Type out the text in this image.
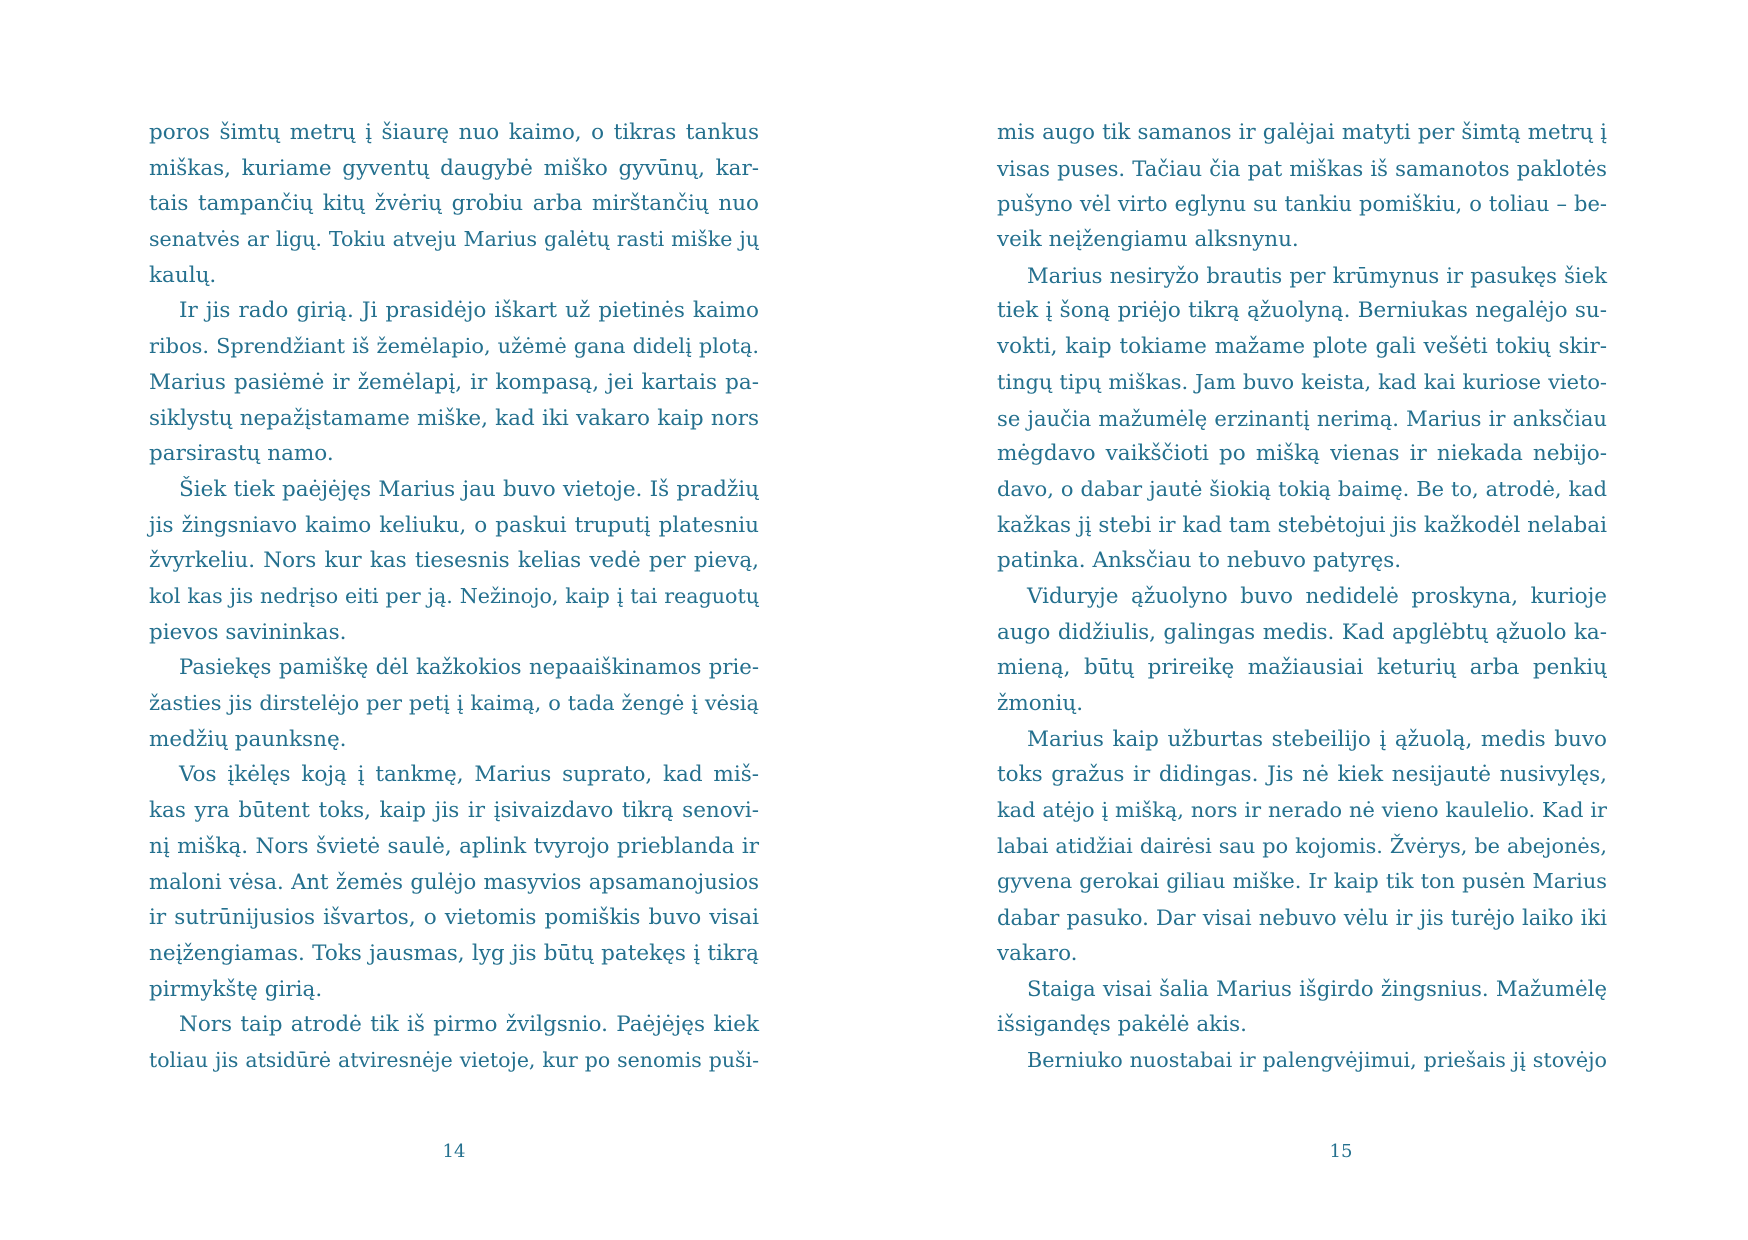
poros šimtų metrų į šiaurę nuo kaimo, o tikras tankus
miškas, kuriame gyventų daugybė miško gyvūnų, kar-
tais tampančių kitų žvėrių grobiu arba mirštančių nuo
senatvės ar ligų. Tokiu atveju Marius galėtų rasti miške jų
kaulų.
Ir jis rado girią. Ji prasidėjo iškart už pietinės kaimo
ribos. Sprendžiant iš žemėlapio, užėmė gana didelį plotą.
Marius pasiėmė ir žemėlapį, ir kompasą, jei kartais pa-
siklystų nepažįstamame miške, kad iki vakaro kaip nors
parsirastų namo.
Šiek tiek paėjėjęs Marius jau buvo vietoje. Iš pradžių
jis žingsniavo kaimo keliuku, o paskui truputį platesniu
žvyrkeliu. Nors kur kas tiesesnis kelias vedė per pievą,
kol kas jis nedrįso eiti per ją. Nežinojo, kaip į tai reaguotų
pievos savininkas.
Pasiekęs pamiškę dėl kažkokios nepaaiškinamos prie-
žasties jis dirstelėjo per petį į kaimą, o tada žengė į vėsią
medžių paunksnę.
Vos įkėlęs koją į tankmę, Marius suprato, kad miš-
kas yra būtent toks, kaip jis ir įsivaizdavo tikrą senovi-
nį mišką. Nors švietė saulė, aplink tvyrojo prieblanda ir
maloni vėsa. Ant žemės gulėjo masyvios apsamanojusios
ir sutrūnijusios išvartos, o vietomis pomiškis buvo visai
neįžengiamas. Toks jausmas, lyg jis būtų patekęs į tikrą
pirmykštę girią.
Nors taip atrodė tik iš pirmo žvilgsnio. Paėjėjęs kiek
toliau jis atsidūrė atviresnėje vietoje, kur po senomis puši-
14
mis augo tik samanos ir galėjai matyti per šimtą metrų į
visas puses. Tačiau čia pat miškas iš samanotos paklotės
pušyno vėl virto eglynu su tankiu pomiškiu, o toliau – be-
veik neįžengiamu alksnynu.
Marius nesiryžo brautis per krūmynus ir pasukęs šiek
tiek į šoną priėjo tikrą ąžuolyną. Berniukas negalėjo su-
vokti, kaip tokiame mažame plote gali vešėti tokių skir-
tingų tipų miškas. Jam buvo keista, kad kai kuriose vieto-
se jaučia mažumėlę erzinantį nerimą. Marius ir anksčiau
mėgdavo vaikščioti po mišką vienas ir niekada nebijo-
davo, o dabar jautė šiokią tokią baimę. Be to, atrodė, kad
kažkas jį stebi ir kad tam stebėtojui jis kažkodėl nelabai
patinka. Anksčiau to nebuvo patyręs.
Viduryje ąžuolyno buvo nedidelė proskyna, kurioje
augo didžiulis, galingas medis. Kad apglėbtų ąžuolo ka-
mieną, būtų prireikę mažiausiai keturių arba penkių
žmonių.
Marius kaip užburtas stebeilijo į ąžuolą, medis buvo
toks gražus ir didingas. Jis nė kiek nesijautė nusivylęs,
kad atėjo į mišką, nors ir nerado nė vieno kaulelio. Kad ir
labai atidžiai dairėsi sau po kojomis. Žvėrys, be abejonės,
gyvena gerokai giliau miške. Ir kaip tik ton pusėn Marius
dabar pasuko. Dar visai nebuvo vėlu ir jis turėjo laiko iki
vakaro.
Staiga visai šalia Marius išgirdo žingsnius. Mažumėlę
išsigandęs pakėlė akis.
Berniuko nuostabai ir palengvėjimui, priešais jį stovėjo
15
